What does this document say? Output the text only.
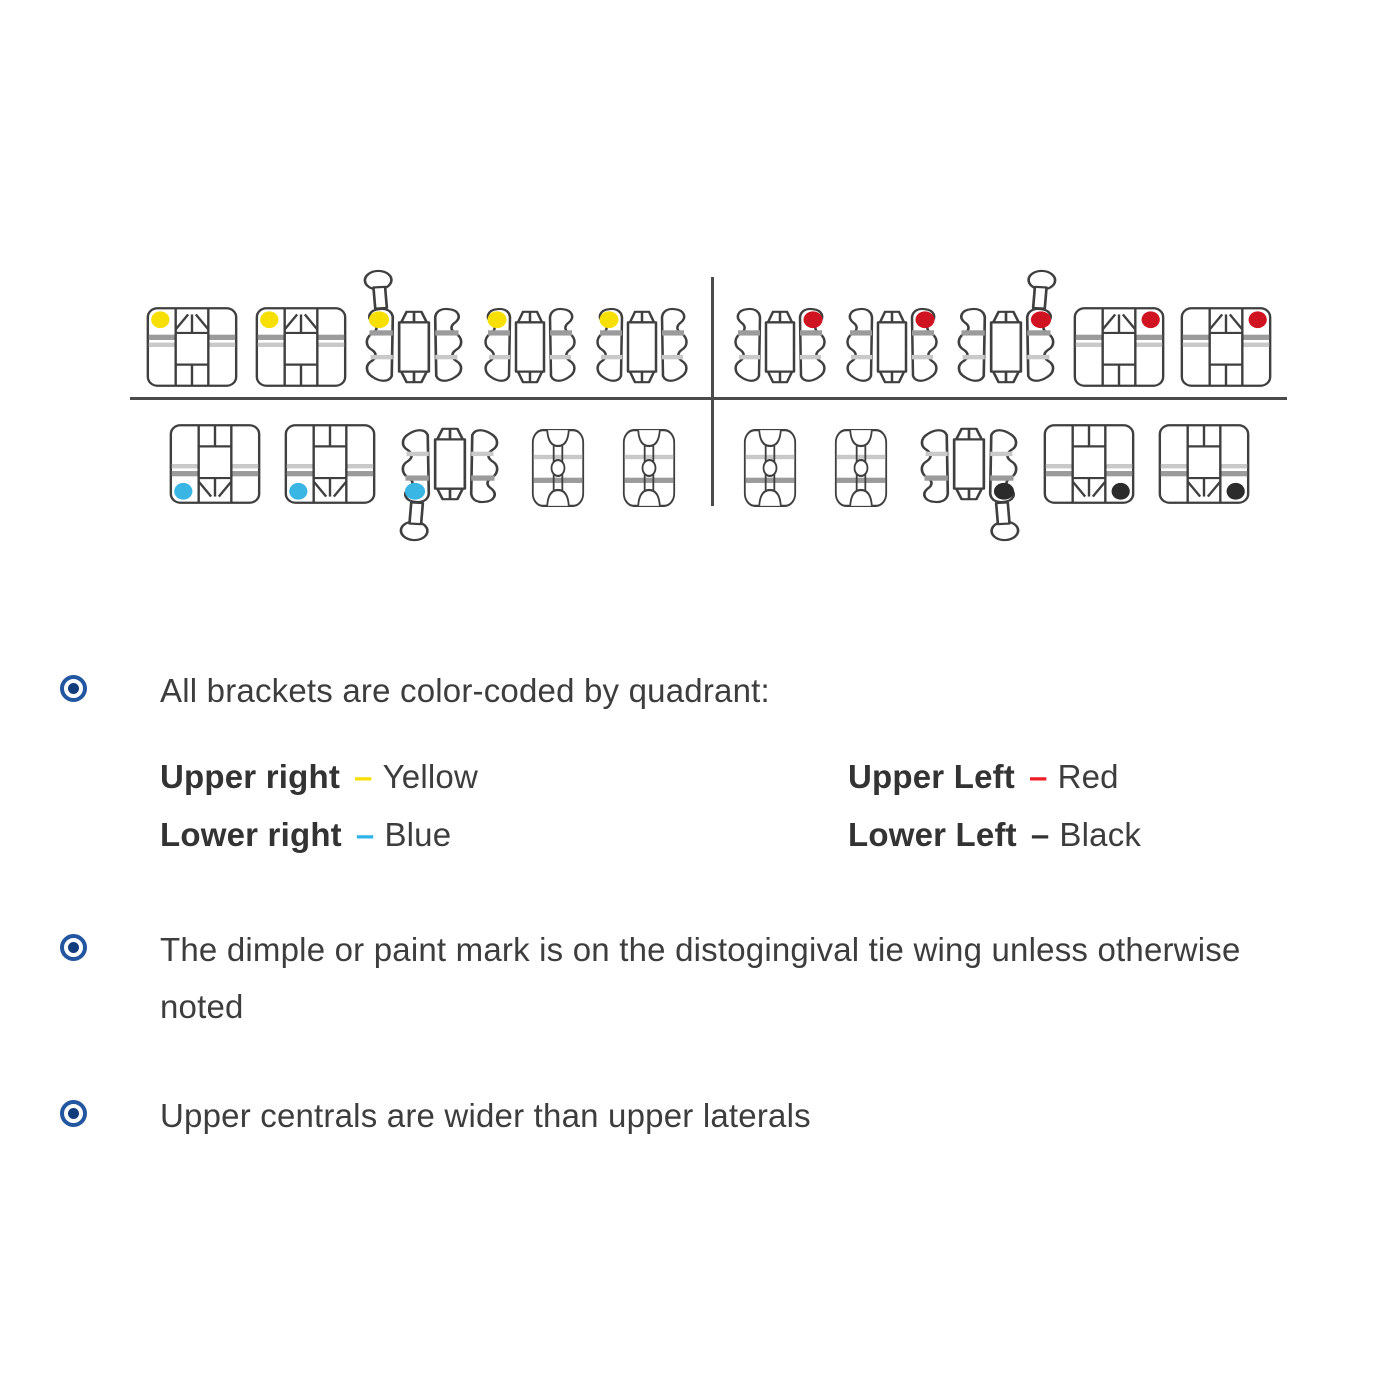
All brackets are color-coded by quadrant:
Upper right – Yellow	Upper Left – Red
Lower right – Blue	Lower Left – Black
The dimple or paint mark is on the distogingival tie wing unless otherwise noted
Upper centrals are wider than upper laterals
